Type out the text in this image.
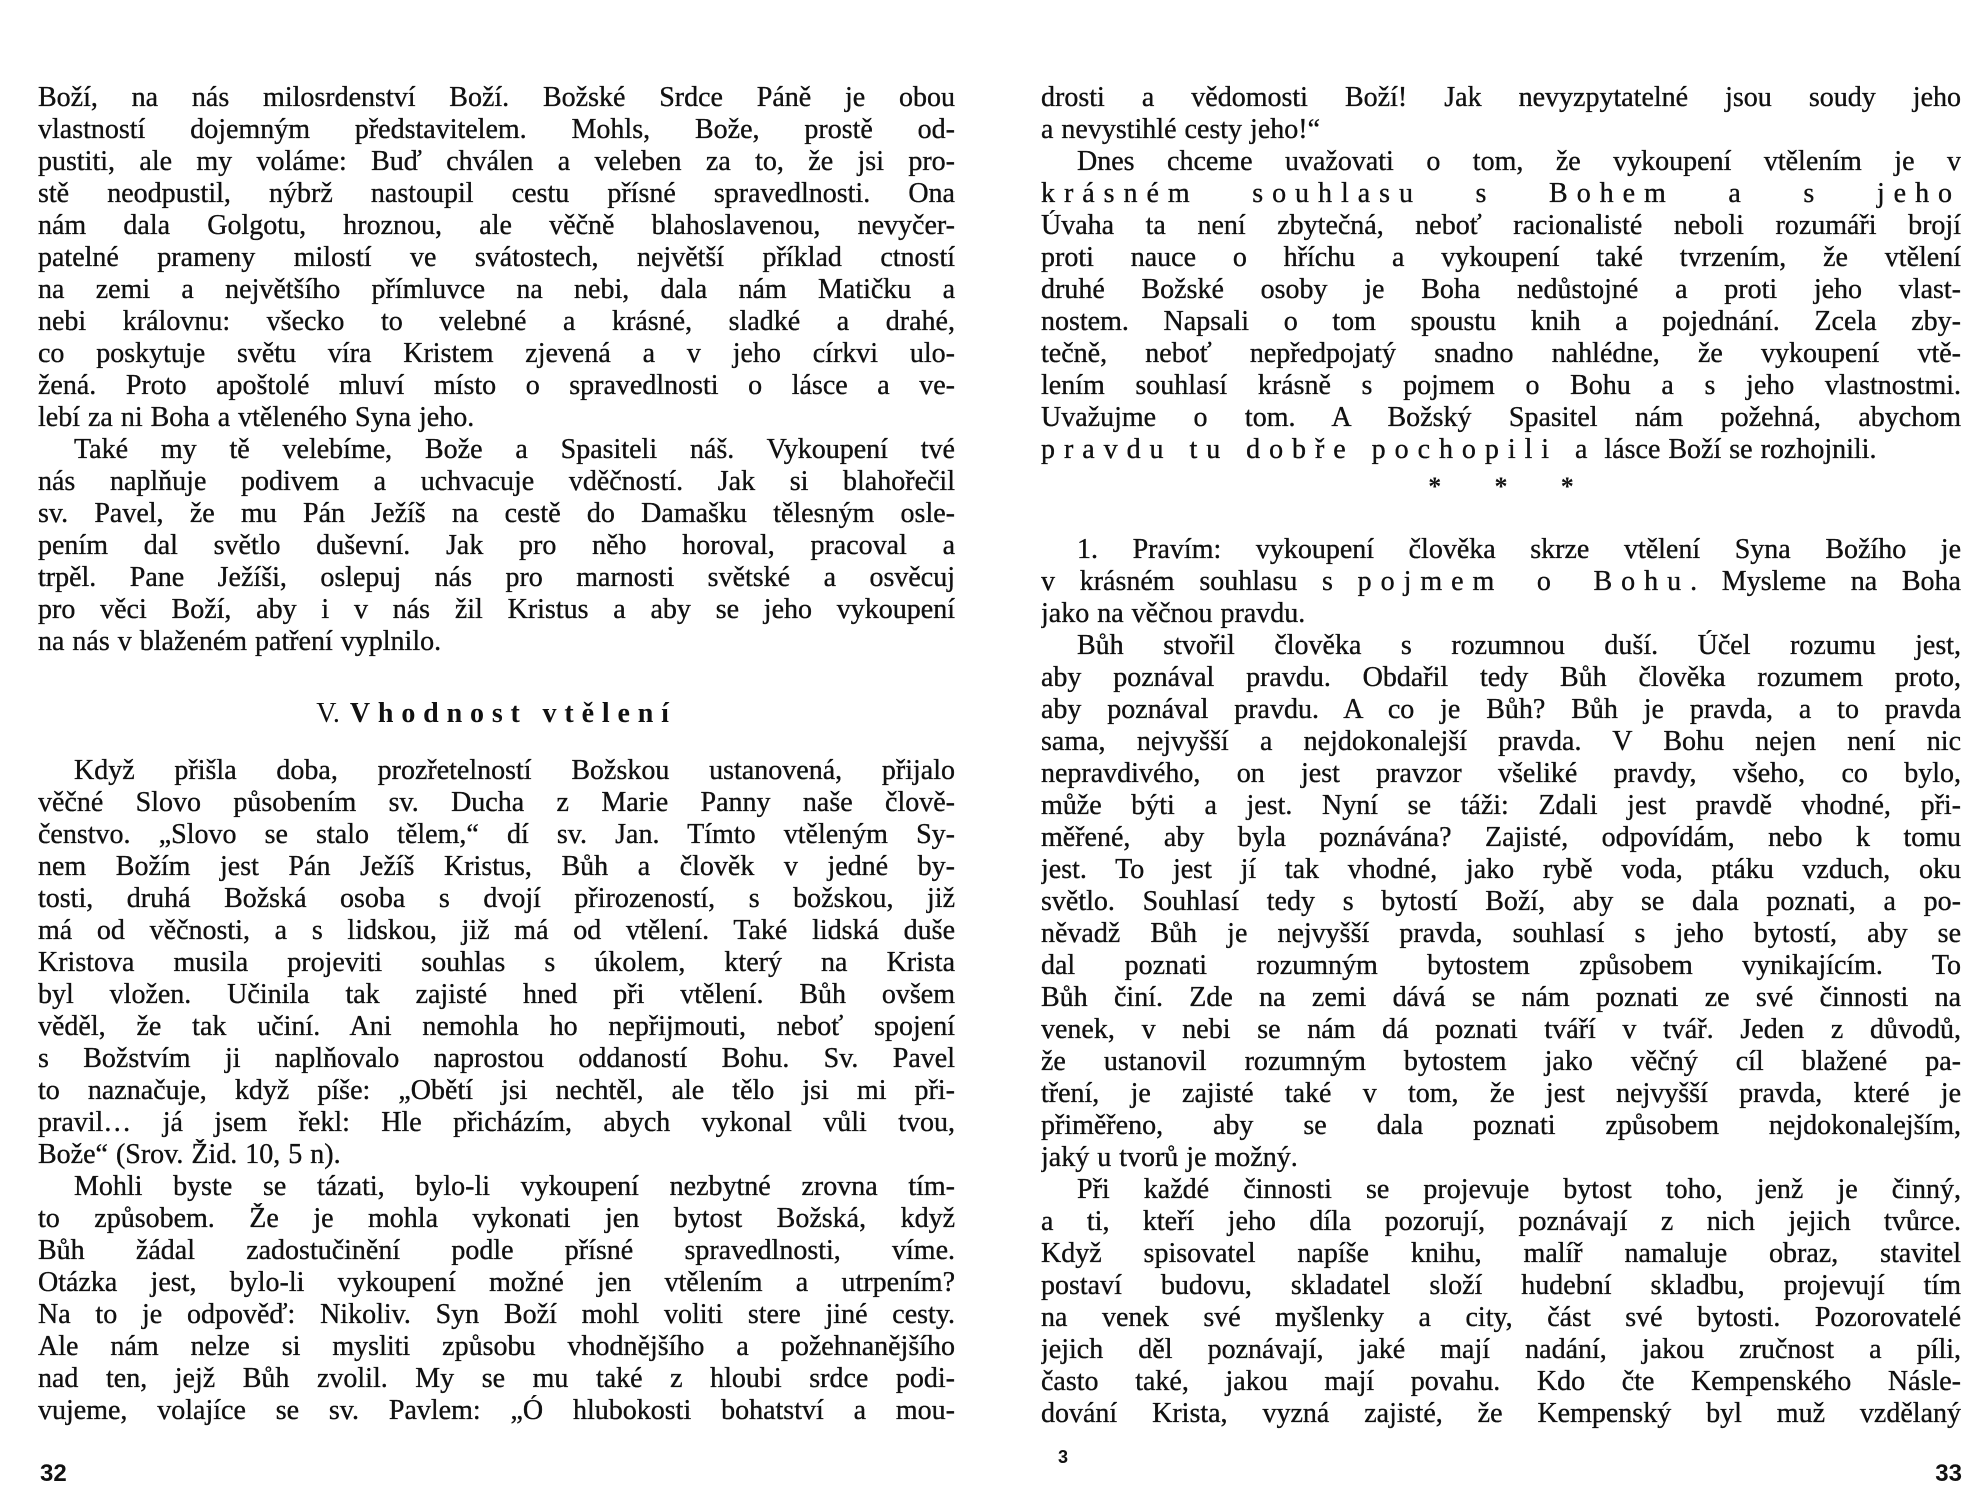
Boží, na nás milosrdenství Boží. Božské Srdce Páně je obou
vlastností dojemným představitelem. Mohls, Bože, prostě od-
pustiti, ale my voláme: Buď chválen a veleben za to, že jsi pro-
stě neodpustil, nýbrž nastoupil cestu přísné spravedlnosti. Ona
nám dala Golgotu, hroznou, ale věčně blahoslavenou, nevyčer-
patelné prameny milostí ve svátostech, největší příklad ctností
na zemi a největšího přímluvce na nebi, dala nám Matičku a
nebi královnu: všecko to velebné a krásné, sladké a drahé,
co poskytuje světu víra Kristem zjevená a v jeho církvi ulo-
žená. Proto apoštolé mluví místo o spravedlnosti o lásce a ve-
lebí za ni Boha a vtěleného Syna jeho.
Také my tě velebíme, Bože a Spasiteli náš. Vykoupení tvé
nás naplňuje podivem a uchvacuje vděčností. Jak si blahořečil
sv. Pavel, že mu Pán Ježíš na cestě do Damašku tělesným osle-
pením dal světlo duševní. Jak pro něho horoval, pracoval a
trpěl. Pane Ježíši, oslepuj nás pro marnosti světské a osvěcuj
pro věci Boží, aby i v nás žil Kristus a aby se jeho vykoupení
na nás v blaženém patření vyplnilo.
V. Vhodnost vtělení
Když přišla doba, prozřetelností Božskou ustanovená, přijalo
věčné Slovo působením sv. Ducha z Marie Panny naše člově-
čenstvo. „Slovo se stalo tělem,“ dí sv. Jan. Tímto vtěleným Sy-
nem Božím jest Pán Ježíš Kristus, Bůh a člověk v jedné by-
tosti, druhá Božská osoba s dvojí přirozeností, s božskou, již
má od věčnosti, a s lidskou, již má od vtělení. Také lidská duše
Kristova musila projeviti souhlas s úkolem, který na Krista
byl vložen. Učinila tak zajisté hned při vtělení. Bůh ovšem
věděl, že tak učiní. Ani nemohla ho nepřijmouti, neboť spojení
s Božstvím ji naplňovalo naprostou oddaností Bohu. Sv. Pavel
to naznačuje, když píše: „Obětí jsi nechtěl, ale tělo jsi mi při-
pravil… já jsem řekl: Hle přicházím, abych vykonal vůli tvou,
Bože“ (Srov. Žid. 10, 5 n).
Mohli byste se tázati, bylo-li vykoupení nezbytné zrovna tím-
to způsobem. Že je mohla vykonati jen bytost Božská, když
Bůh žádal zadostučinění podle přísné spravedlnosti, víme.
Otázka jest, bylo-li vykoupení možné jen vtělením a utrpením?
Na to je odpověď: Nikoliv. Syn Boží mohl voliti stere jiné cesty.
Ale nám nelze si mysliti způsobu vhodnějšího a požehnanějšího
nad ten, jejž Bůh zvolil. My se mu také z hloubi srdce podi-
vujeme, volajíce se sv. Pavlem: „Ó hlubokosti bohatství a mou-
drosti a vědomosti Boží! Jak nevyzpytatelné jsou soudy jeho
a nevystihlé cesty jeho!“
Dnes chceme uvažovati o tom, že vykoupení vtělením je v
krásném souhlasu s Bohem a s jeho
Úvaha ta není zbytečná, neboť racionalisté neboli rozumáři brojí
proti nauce o hříchu a vykoupení také tvrzením, že vtělení
druhé Božské osoby je Boha nedůstojné a proti jeho vlast-
nostem. Napsali o tom spoustu knih a pojednání. Zcela zby-
tečně, neboť nepředpojatý snadno nahlédne, že vykoupení vtě-
lením souhlasí krásně s pojmem o Bohu a s jeho vlastnostmi.
Uvažujme o tom. A Božský Spasitel nám požehná, abychom
pravdu tu dobře pochopili a lásce Boží se rozhojnili.
* * *
1. Pravím: vykoupení člověka skrze vtělení Syna Božího je
v krásném souhlasu s pojmem o Bohu. Mysleme na Boha
jako na věčnou pravdu.
Bůh stvořil člověka s rozumnou duší. Účel rozumu jest,
aby poznával pravdu. Obdařil tedy Bůh člověka rozumem proto,
aby poznával pravdu. A co je Bůh? Bůh je pravda, a to pravda
sama, nejvyšší a nejdokonalejší pravda. V Bohu nejen není nic
nepravdivého, on jest pravzor všeliké pravdy, všeho, co bylo,
může býti a jest. Nyní se táži: Zdali jest pravdě vhodné, při-
měřené, aby byla poznávána? Zajisté, odpovídám, nebo k tomu
jest. To jest jí tak vhodné, jako rybě voda, ptáku vzduch, oku
světlo. Souhlasí tedy s bytostí Boží, aby se dala poznati, a po-
něvadž Bůh je nejvyšší pravda, souhlasí s jeho bytostí, aby se
dal poznati rozumným bytostem způsobem vynikajícím. To
Bůh činí. Zde na zemi dává se nám poznati ze své činnosti na
venek, v nebi se nám dá poznati tváří v tvář. Jeden z důvodů,
že ustanovil rozumným bytostem jako věčný cíl blažené pa-
tření, je zajisté také v tom, že jest nejvyšší pravda, které je
přiměřeno, aby se dala poznati způsobem nejdokonalejším,
jaký u tvorů je možný.
Při každé činnosti se projevuje bytost toho, jenž je činný,
a ti, kteří jeho díla pozorují, poznávají z nich jejich tvůrce.
Když spisovatel napíše knihu, malíř namaluje obraz, stavitel
postaví budovu, skladatel složí hudební skladbu, projevují tím
na venek své myšlenky a city, část své bytosti. Pozorovatelé
jejich děl poznávají, jaké mají nadání, jakou zručnost a píli,
často také, jakou mají povahu. Kdo čte Kempenského Násle-
dování Krista, vyzná zajisté, že Kempenský byl muž vzdělaný
32
3
33
